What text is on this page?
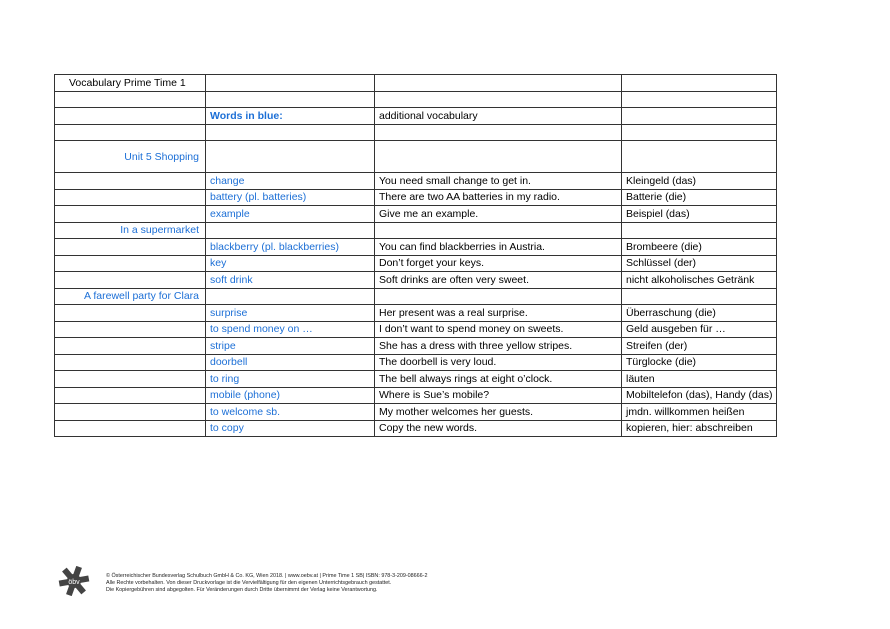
Vocabulary Prime Time 1			

	Words in blue:	additional vocabulary	

Unit 5 Shopping			
	change	You need small change to get in.	Kleingeld (das)
	battery (pl. batteries)	There are two AA batteries in my radio.	Batterie (die)
	example	Give me an example.	Beispiel (das)
In a supermarket			
	blackberry (pl. blackberries)	You can find blackberries in Austria.	Brombeere (die)
	key	Don’t forget your keys.	Schlüssel (der)
	soft drink	Soft drinks are often very sweet.	nicht alkoholisches Getränk
A farewell party for Clara			
	surprise	Her present was a real surprise.	Überraschung (die)
	to spend money on …	I don’t want to spend money on sweets.	Geld ausgeben für …
	stripe	She has a dress with three yellow stripes.	Streifen (der)
	doorbell	The doorbell is very loud.	Türglocke (die)
	to ring	The bell always rings at eight o’clock.	läuten
	mobile (phone)	Where is Sue’s mobile?	Mobiltelefon (das), Handy (das)
	to welcome sb.	My mother welcomes her guests.	jmdn. willkommen heißen
	to copy	Copy the new words.	kopieren, hier: abschreiben
öbv
© Österreichischer Bundesverlag Schulbuch GmbH & Co. KG, Wien 2018. | www.oebv.at | Prime Time 1 SB| ISBN: 978-3-209-08666-2
Alle Rechte vorbehalten. Von dieser Druckvorlage ist die Vervielfältigung für den eigenen Unterrichtsgebrauch gestattet.
Die Kopiergebühren sind abgegolten. Für Veränderungen durch Dritte übernimmt der Verlag keine Verantwortung.
